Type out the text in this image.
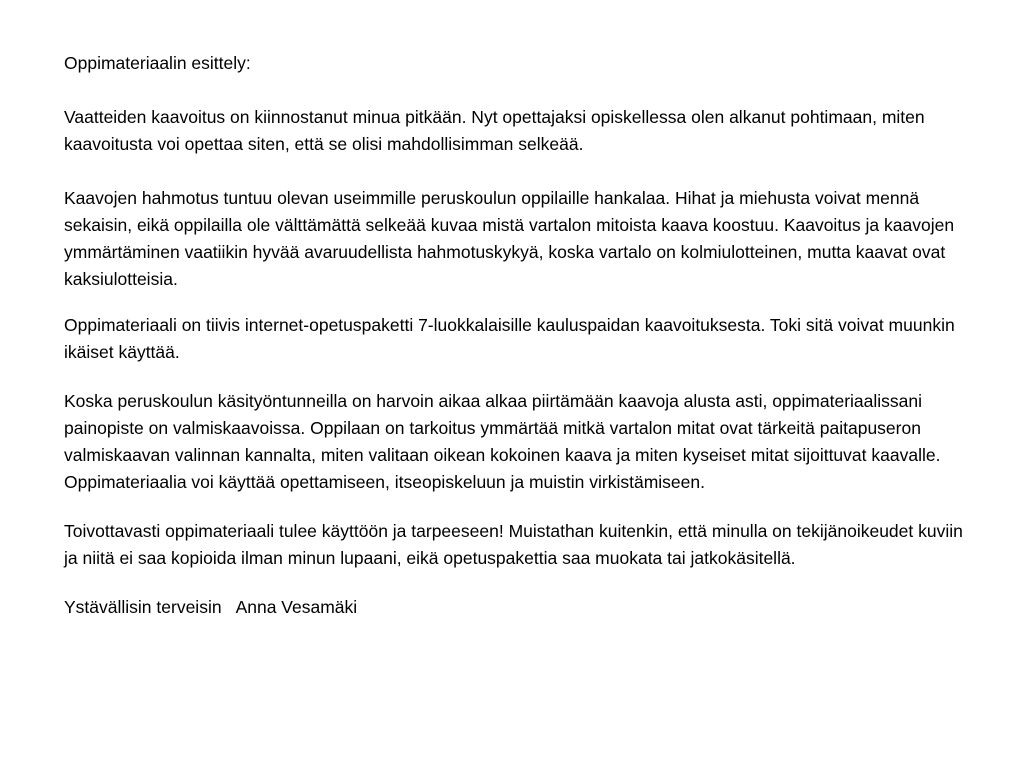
Oppimateriaalin esittely:

Vaatteiden kaavoitus on kiinnostanut minua pitkään. Nyt opettajaksi opiskellessa olen alkanut pohtimaan, miten kaavoitusta voi opettaa siten, että se olisi mahdollisimman selkeää.

Kaavojen hahmotus tuntuu olevan useimmille peruskoulun oppilaille hankalaa. Hihat ja miehusta voivat mennä sekaisin, eikä oppilailla ole välttämättä selkeää kuvaa mistä vartalon mitoista kaava koostuu. Kaavoitus ja kaavojen ymmärtäminen vaatiikin hyvää avaruudellista hahmotuskykyä, koska vartalo on kolmiulotteinen, mutta kaavat ovat kaksiulotteisia.

Oppimateriaali on tiivis internet-opetuspaketti 7-luokkalaisille kauluspaidan kaavoituksesta. Toki sitä voivat muunkin ikäiset käyttää.

Koska peruskoulun käsityöntunneilla on harvoin aikaa alkaa piirtämään kaavoja alusta asti, oppimateriaalissani painopiste on valmiskaavoissa. Oppilaan on tarkoitus ymmärtää mitkä vartalon mitat ovat tärkeitä paitapuseron valmiskaavan valinnan kannalta, miten valitaan oikean kokoinen kaava ja miten kyseiset mitat sijoittuvat kaavalle. Oppimateriaalia voi käyttää opettamiseen, itseopiskeluun ja muistin virkistämiseen.

Toivottavasti oppimateriaali tulee käyttöön ja tarpeeseen! Muistathan kuitenkin, että minulla on tekijänoikeudet kuviin ja niitä ei saa kopioida ilman minun lupaani, eikä opetuspakettia saa muokata tai jatkokäsitellä.

Ystävällisin terveisin Anna Vesamäki
